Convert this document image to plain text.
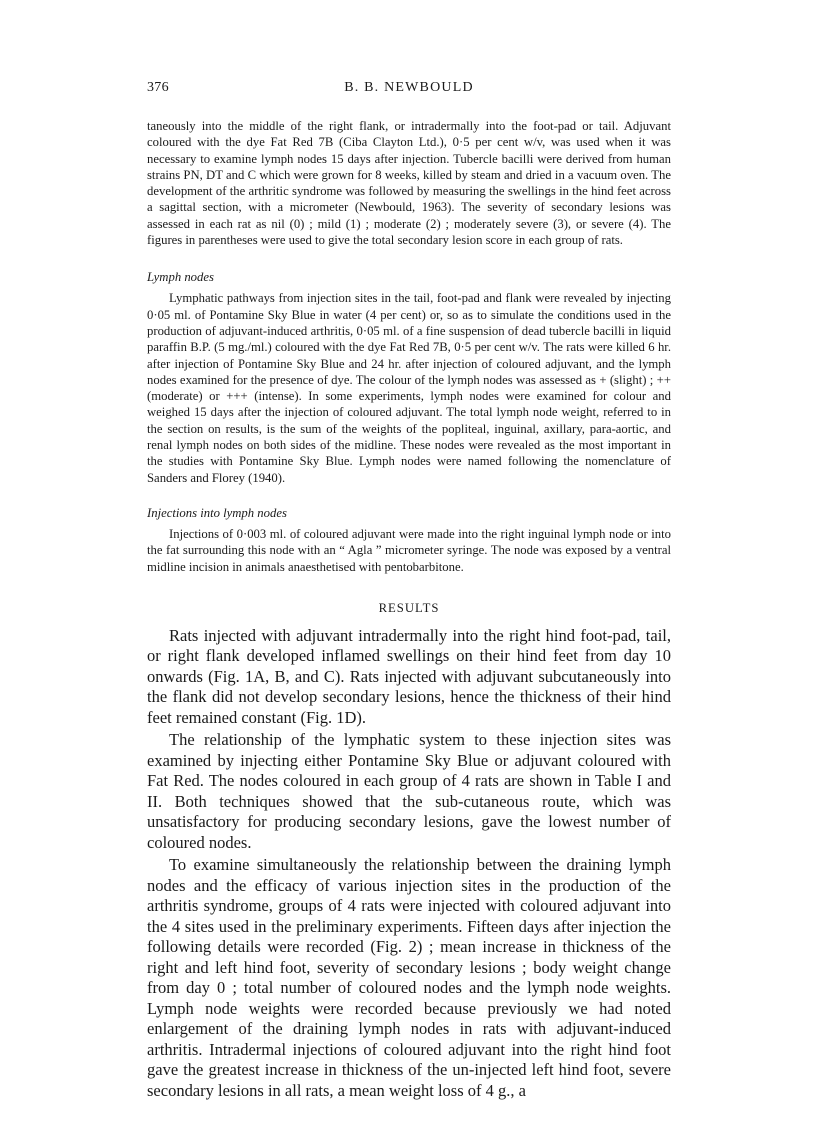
376	B. B. NEWBOULD

taneously into the middle of the right flank, or intradermally into the foot-pad or tail. Adjuvant coloured with the dye Fat Red 7B (Ciba Clayton Ltd.), 0·5 per cent w/v, was used when it was necessary to examine lymph nodes 15 days after injection. Tubercle bacilli were derived from human strains PN, DT and C which were grown for 8 weeks, killed by steam and dried in a vacuum oven. The development of the arthritic syndrome was followed by measuring the swellings in the hind feet across a sagittal section, with a micrometer (Newbould, 1963). The severity of secondary lesions was assessed in each rat as nil (0) ; mild (1) ; moderate (2) ; moderately severe (3), or severe (4). The figures in parentheses were used to give the total secondary lesion score in each group of rats.

Lymph nodes

Lymphatic pathways from injection sites in the tail, foot-pad and flank were revealed by injecting 0·05 ml. of Pontamine Sky Blue in water (4 per cent) or, so as to simulate the conditions used in the production of adjuvant-induced arthritis, 0·05 ml. of a fine suspension of dead tubercle bacilli in liquid paraffin B.P. (5 mg./ml.) coloured with the dye Fat Red 7B, 0·5 per cent w/v. The rats were killed 6 hr. after injection of Pontamine Sky Blue and 24 hr. after injection of coloured adjuvant, and the lymph nodes examined for the presence of dye. The colour of the lymph nodes was assessed as + (slight) ; ++ (moderate) or +++ (intense). In some experiments, lymph nodes were examined for colour and weighed 15 days after the injection of coloured adjuvant. The total lymph node weight, referred to in the section on results, is the sum of the weights of the popliteal, inguinal, axillary, para-aortic, and renal lymph nodes on both sides of the midline. These nodes were revealed as the most important in the studies with Pontamine Sky Blue. Lymph nodes were named following the nomenclature of Sanders and Florey (1940).

Injections into lymph nodes

Injections of 0·003 ml. of coloured adjuvant were made into the right inguinal lymph node or into the fat surrounding this node with an “ Agla ” micrometer syringe. The node was exposed by a ventral midline incision in animals anaesthetised with pentobarbitone.

RESULTS

Rats injected with adjuvant intradermally into the right hind foot-pad, tail, or right flank developed inflamed swellings on their hind feet from day 10 onwards (Fig. 1A, B, and C). Rats injected with adjuvant subcutaneously into the flank did not develop secondary lesions, hence the thickness of their hind feet remained constant (Fig. 1D).

The relationship of the lymphatic system to these injection sites was examined by injecting either Pontamine Sky Blue or adjuvant coloured with Fat Red. The nodes coloured in each group of 4 rats are shown in Table I and II. Both techniques showed that the sub-cutaneous route, which was unsatisfactory for producing secondary lesions, gave the lowest number of coloured nodes.

To examine simultaneously the relationship between the draining lymph nodes and the efficacy of various injection sites in the production of the arthritis syndrome, groups of 4 rats were injected with coloured adjuvant into the 4 sites used in the preliminary experiments. Fifteen days after injection the following details were recorded (Fig. 2) ; mean increase in thickness of the right and left hind foot, severity of secondary lesions ; body weight change from day 0 ; total number of coloured nodes and the lymph node weights. Lymph node weights were recorded because previously we had noted enlargement of the draining lymph nodes in rats with adjuvant-induced arthritis. Intradermal injections of coloured adjuvant into the right hind foot gave the greatest increase in thickness of the un-injected left hind foot, severe secondary lesions in all rats, a mean weight loss of 4 g., a
